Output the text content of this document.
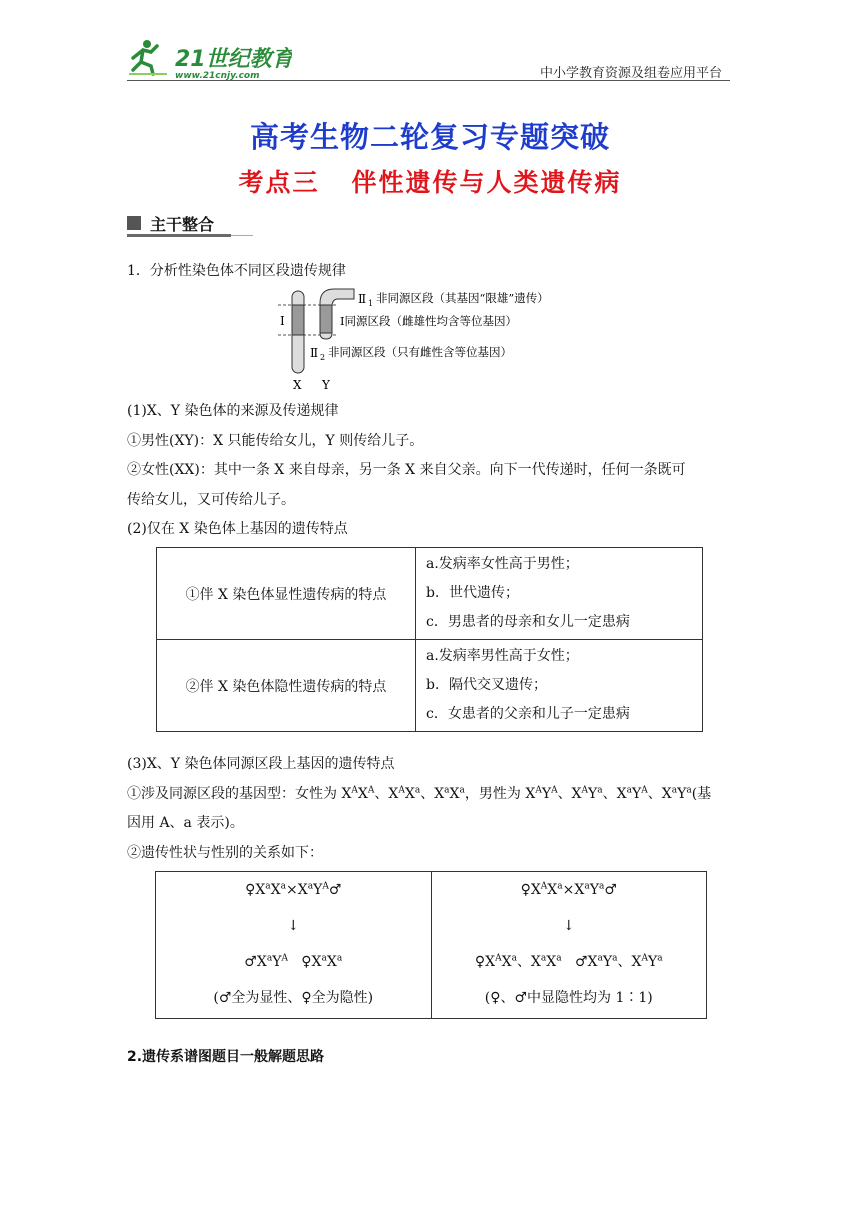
21世纪教育
www.21cnjy.com	中小学教育资源及组卷应用平台
高考生物二轮复习专题突破
考点三   伴性遗传与人类遗传病
主干整合
1．分析性染色体不同区段遗传规律
Ⅰ
Ⅱ 1 非同源区段（其基因“限雄”遗传）
Ⅰ同源区段（雌雄性均含等位基因）
Ⅱ 2 非同源区段（只有雌性含等位基因）
X Y
(1)X、Y 染色体的来源及传递规律
①男性(XY)：X 只能传给女儿，Y 则传给儿子。
②女性(XX)：其中一条 X 来自母亲，另一条 X 来自父亲。向下一代传递时，任何一条既可
传给女儿，又可传给儿子。
(2)仅在 X 染色体上基因的遗传特点
①伴 X 染色体显性遗传病的特点	a.发病率女性高于男性；
b．世代遗传；
c．男患者的母亲和女儿一定患病

②伴 X 染色体隐性遗传病的特点	a.发病率男性高于女性；
b．隔代交叉遗传；
c．女患者的父亲和儿子一定患病
(3)X、Y 染色体同源区段上基因的遗传特点
①涉及同源区段的基因型：女性为 $X^AX^A$、$X^AX^a$、$X^aX^a$，男性为 $X^AY^A$、$X^AY^a$、$X^aY^A$、$X^aY^a$(基
因用 A、a 表示)。
②遗传性状与性别的关系如下：
$♀X^aX^a\times X^aY^A♂$
↓
$♂X^aY^A$   $♀X^aX^a$
(♂全为显性、♀全为隐性)

$♀X^AX^a\times X^aY^a♂$
↓
$♀X^AX^a$、$X^aX^a$   $♂X^aY^a$、$X^AY^a$
(♀、♂中显隐性均为 1∶1)
2.遗传系谱图题目一般解题思路
